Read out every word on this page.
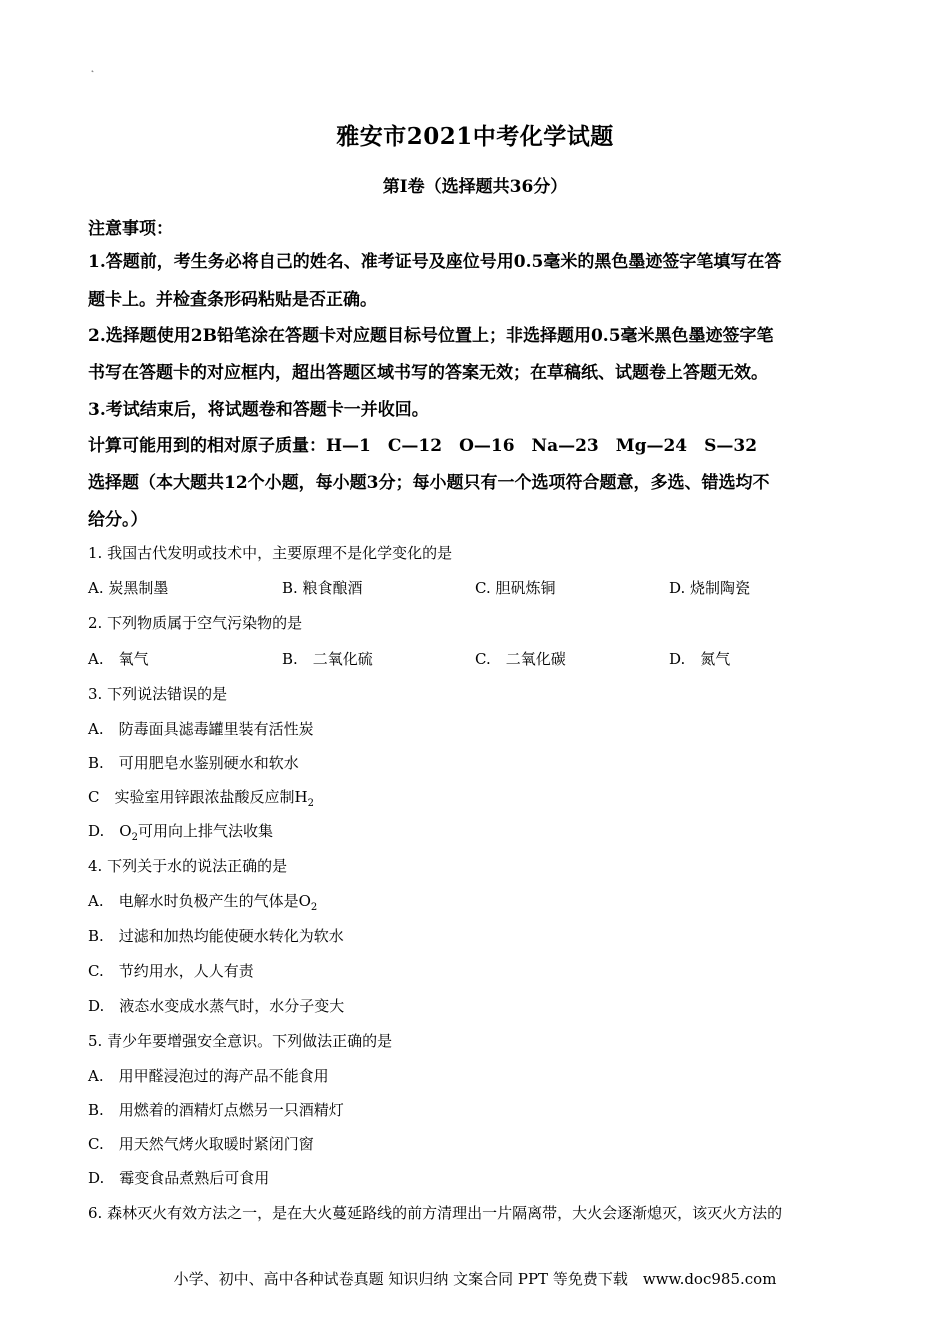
˛
雅安市2021中考化学试题
第Ⅰ卷（选择题共36分）
注意事项：
1.答题前，考生务必将自己的姓名、准考证号及座位号用0.5毫米的黑色墨迹签字笔填写在答
题卡上。并检查条形码粘贴是否正确。
2.选择题使用2B铅笔涂在答题卡对应题目标号位置上；非选择题用0.5毫米黑色墨迹签字笔
书写在答题卡的对应框内，超出答题区域书写的答案无效；在草稿纸、试题卷上答题无效。
3.考试结束后，将试题卷和答题卡一并收回。
计算可能用到的相对原子质量：H—1　C—12　O—16　Na—23　Mg—24　S—32
选择题（本大题共12个小题，每小题3分；每小题只有一个选项符合题意，多选、错选均不
给分。）
1. 我国古代发明或技术中，主要原理不是化学变化的是
A. 炭黑制墨	B. 粮食酿酒	C. 胆矾炼铜	D. 烧制陶瓷
2. 下列物质属于空气污染物的是
A.　氧气	B.　二氧化硫	C.　二氧化碳	D.　氮气
3. 下列说法错误的是
A.　防毒面具滤毒罐里装有活性炭
B.　可用肥皂水鉴别硬水和软水
C　实验室用锌跟浓盐酸反应制$H_2$
D.　$O_2$可用向上排气法收集
4. 下列关于水的说法正确的是
A.　电解水时负极产生的气体是$O_2$
B.　过滤和加热均能使硬水转化为软水
C.　节约用水，人人有责
D.　液态水变成水蒸气时，水分子变大
5. 青少年要增强安全意识。下列做法正确的是
A.　用甲醛浸泡过的海产品不能食用
B.　用燃着的酒精灯点燃另一只酒精灯
C.　用天然气烤火取暖时紧闭门窗
D.　霉变食品煮熟后可食用
6. 森林灭火有效方法之一，是在大火蔓延路线的前方清理出一片隔离带，大火会逐渐熄灭，该灭火方法的
小学、初中、高中各种试卷真题 知识归纳 文案合同 PPT 等免费下载　www.doc985.com
